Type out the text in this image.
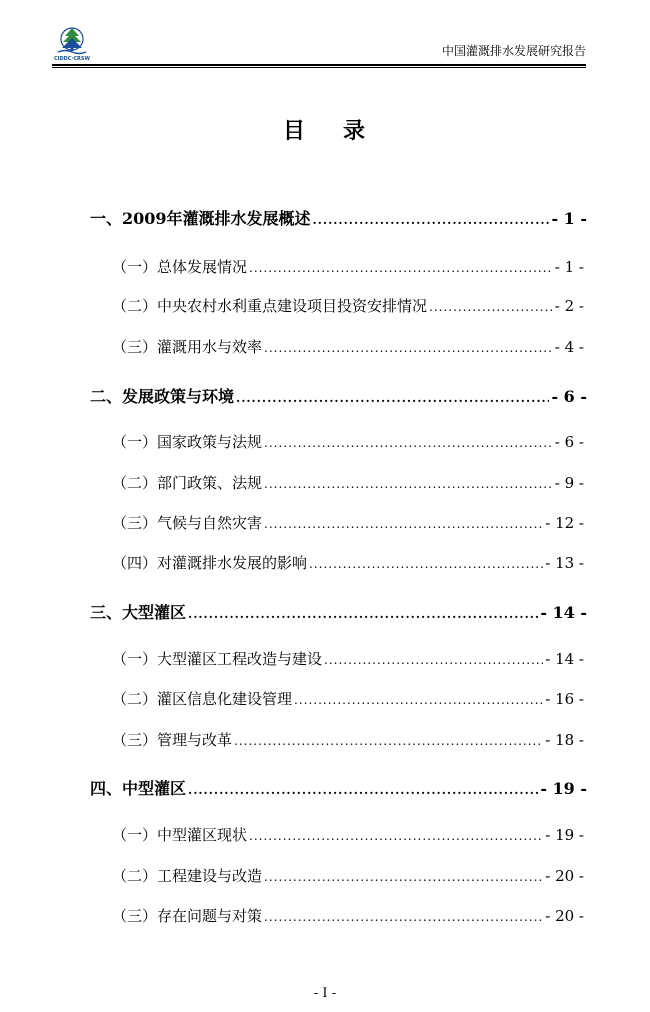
CIDDC·CRSW
中国灌溉排水发展研究报告
目 录
一、2009年灌溉排水发展概述 .....	- 1 -
（一）总体发展情况 .....	- 1 -
（二）中央农村水利重点建设项目投资安排情况 .....	- 2 -
（三）灌溉用水与效率 .....	- 4 -
二、发展政策与环境 .....	- 6 -
（一）国家政策与法规 .....	- 6 -
（二）部门政策、法规 .....	- 9 -
（三）气候与自然灾害 .....	- 12 -
（四）对灌溉排水发展的影响 .....	- 13 -
三、大型灌区 .....	- 14 -
（一）大型灌区工程改造与建设 .....	- 14 -
（二）灌区信息化建设管理 .....	- 16 -
（三）管理与改革 .....	- 18 -
四、中型灌区 .....	- 19 -
（一）中型灌区现状 .....	- 19 -
（二）工程建设与改造 .....	- 20 -
（三）存在问题与对策 .....	- 20 -
- I -
